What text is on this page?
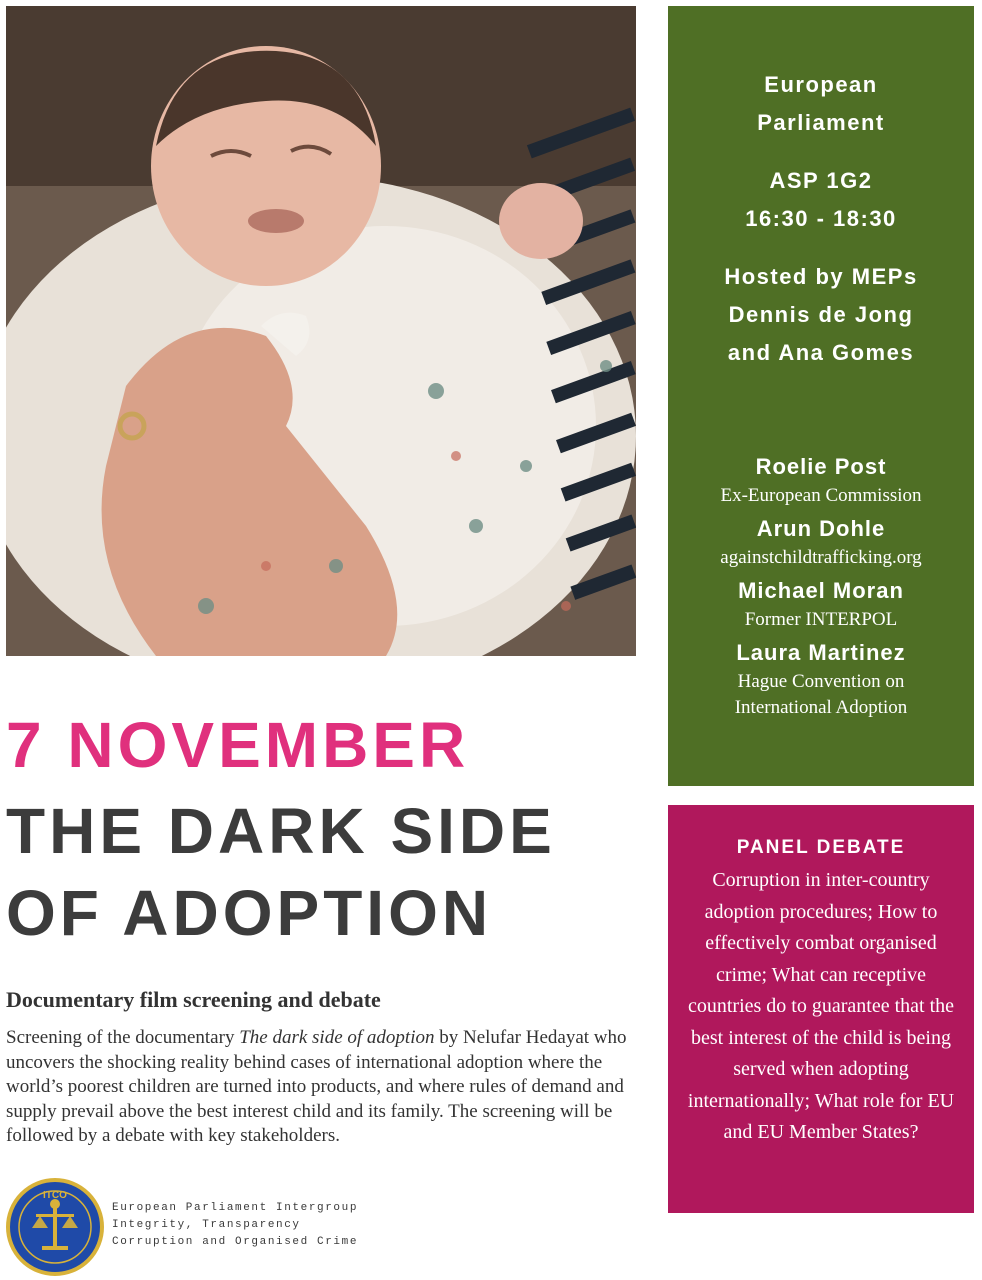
European
Parliament
ASP 1G2
16:30 - 18:30
Hosted by MEPs
Dennis de Jong
and Ana Gomes
Roelie Post
Ex-European Commission
Arun Dohle
againstchildtrafficking.org
Michael Moran
Former INTERPOL
Laura Martinez
Hague Convention on
International Adoption
PANEL DEBATE
Corruption in inter-country adoption procedures; How to effectively combat organised crime; What can receptive countries do to guarantee that the best interest of the child is being served when adopting internationally; What role for EU and EU Member States?
7 NOVEMBER
THE DARK SIDE
OF ADOPTION
Documentary film screening and debate
Screening of the documentary The dark side of adoption by Nelufar Hedayat who uncovers the shocking reality behind cases of international adoption where the world’s poorest children are turned into products, and where rules of demand and supply prevail above the best interest child and its family. The screening will be followed by a debate with key stakeholders.
ITCO
European Parliament Intergroup
Integrity, Transparency
Corruption and Organised Crime
